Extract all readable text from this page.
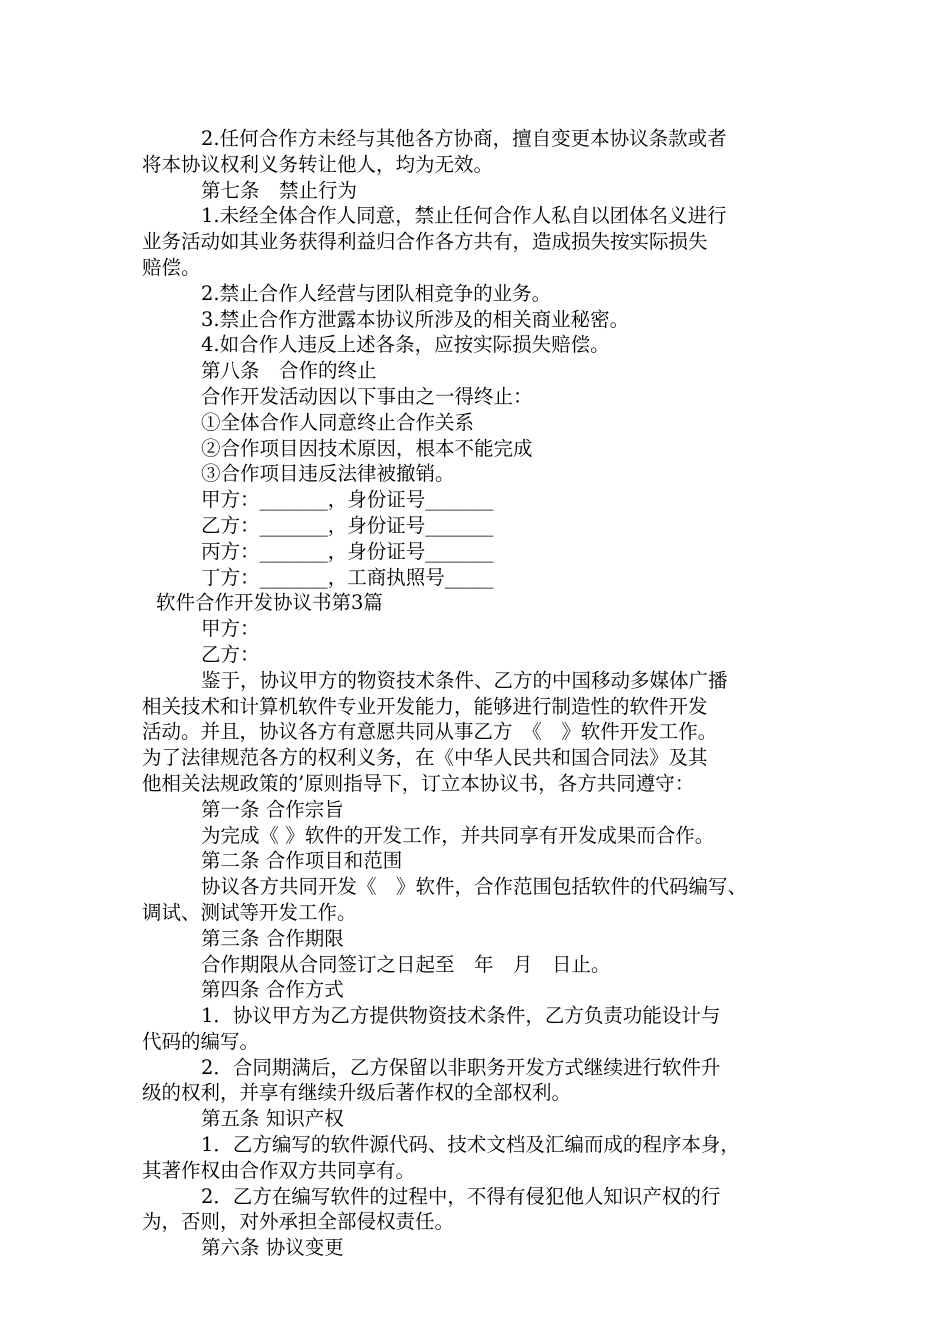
2.任何合作方未经与其他各方协商，擅自变更本协议条款或者
将本协议权利义务转让他人，均为无效。
第七条　禁止行为
1.未经全体合作人同意，禁止任何合作人私自以团体名义进行
业务活动如其业务获得利益归合作各方共有，造成损失按实际损失
赔偿。
2.禁止合作人经营与团队相竞争的业务。
3.禁止合作方泄露本协议所涉及的相关商业秘密。
4.如合作人违反上述各条，应按实际损失赔偿。
第八条　合作的终止
合作开发活动因以下事由之一得终止：
①全体合作人同意终止合作关系
②合作项目因技术原因，根本不能完成
③合作项目违反法律被撤销。
甲方：_______，身份证号_______
乙方：_______，身份证号_______
丙方：_______，身份证号_______
丁方：_______，工商执照号_____
软件合作开发协议书第3篇
甲方：
乙方：
鉴于，协议甲方的物资技术条件、乙方的中国移动多媒体广播
相关技术和计算机软件专业开发能力，能够进行制造性的软件开发
活动。并且，协议各方有意愿共同从事乙方　《　》软件开发工作。
为了法律规范各方的权利义务，在《中华人民共和国合同法》及其
他相关法规政策的’原则指导下，订立本协议书，各方共同遵守：
第一条 合作宗旨
为完成《 》软件的开发工作，并共同享有开发成果而合作。
第二条 合作项目和范围
协议各方共同开发《　》软件，合作范围包括软件的代码编写、
调试、测试等开发工作。
第三条 合作期限
合作期限从合同签订之日起至　年　月　日止。
第四条 合作方式
1．协议甲方为乙方提供物资技术条件，乙方负责功能设计与
代码的编写。
2．合同期满后，乙方保留以非职务开发方式继续进行软件升
级的权利，并享有继续升级后著作权的全部权利。
第五条 知识产权
1．乙方编写的软件源代码、技术文档及汇编而成的程序本身，
其著作权由合作双方共同享有。
2．乙方在编写软件的过程中，不得有侵犯他人知识产权的行
为，否则，对外承担全部侵权责任。
第六条 协议变更
